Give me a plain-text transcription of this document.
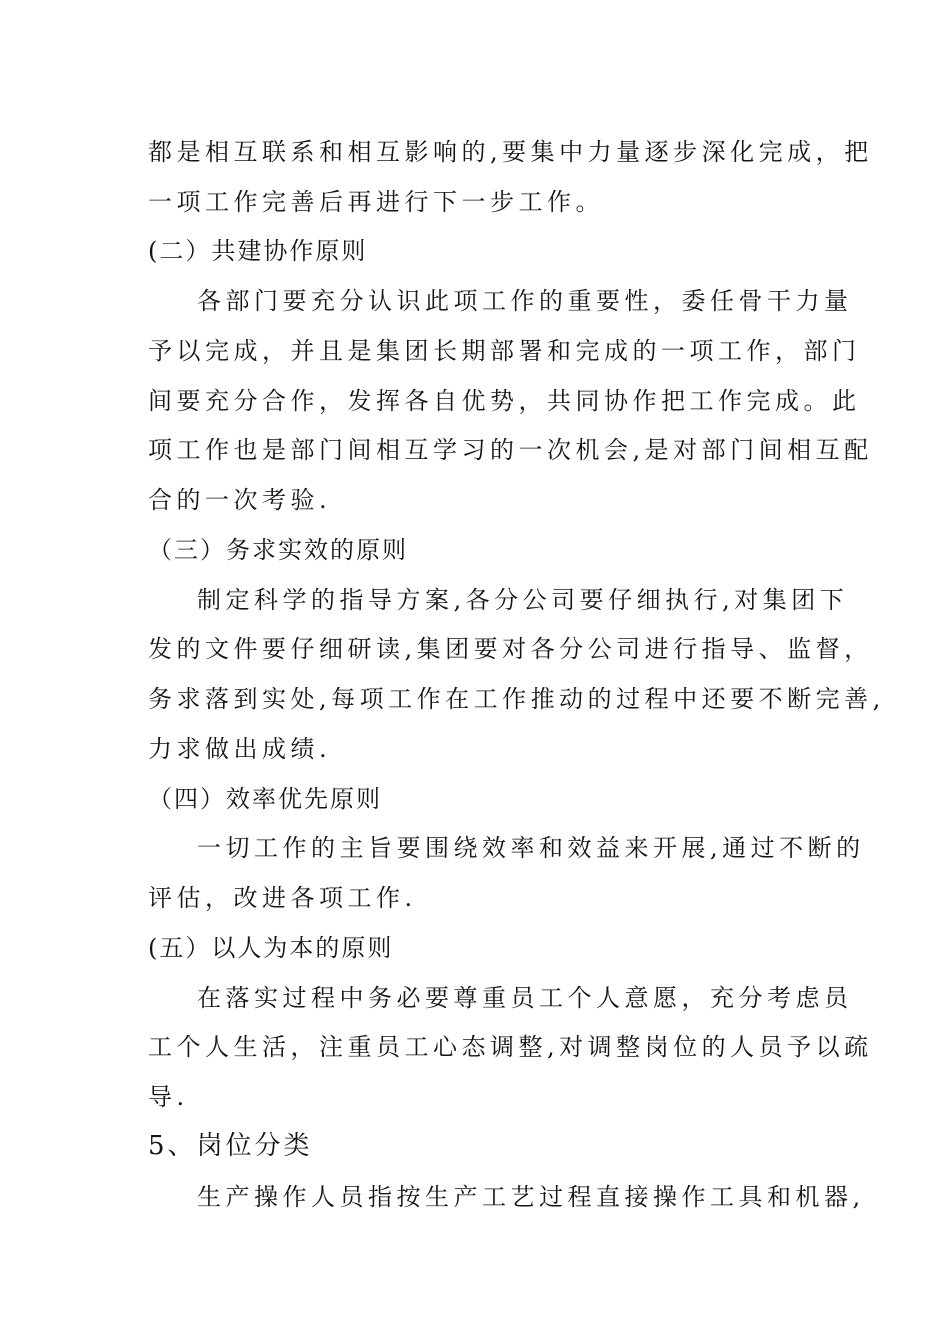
都是相互联系和相互影响的,要集中力量逐步深化完成，把
一项工作完善后再进行下一步工作。
(二）共建协作原则
各部门要充分认识此项工作的重要性，委任骨干力量
予以完成，并且是集团长期部署和完成的一项工作，部门
间要充分合作，发挥各自优势，共同协作把工作完成。此
项工作也是部门间相互学习的一次机会,是对部门间相互配
合的一次考验.
（三）务求实效的原则
制定科学的指导方案,各分公司要仔细执行,对集团下
发的文件要仔细研读,集团要对各分公司进行指导、监督，
务求落到实处,每项工作在工作推动的过程中还要不断完善,
力求做出成绩.
（四）效率优先原则
一切工作的主旨要围绕效率和效益来开展,通过不断的
评估，改进各项工作.
(五）以人为本的原则
在落实过程中务必要尊重员工个人意愿，充分考虑员
工个人生活，注重员工心态调整,对调整岗位的人员予以疏
导.
5、岗位分类
生产操作人员指按生产工艺过程直接操作工具和机器,
